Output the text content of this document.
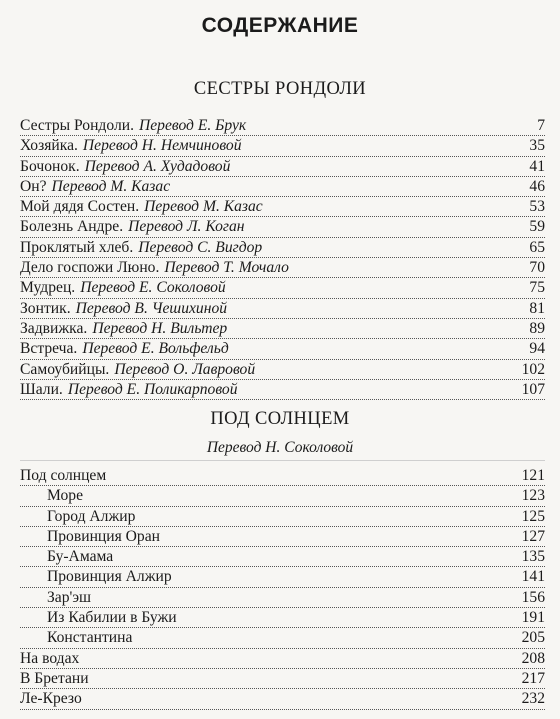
СОДЕРЖАНИЕ
СЕСТРЫ РОНДОЛИ
Сестры Рондоли. Перевод Е. Брук	7
Хозяйка. Перевод Н. Немчиновой	35
Бочонок. Перевод А. Худадовой	41
Он? Перевод М. Казас	46
Мой дядя Состен. Перевод М. Казас	53
Болезнь Андре. Перевод Л. Коган	59
Проклятый хлеб. Перевод С. Вигдор	65
Дело госпожи Люно. Перевод Т. Мочало	70
Мудрец. Перевод Е. Соколовой	75
Зонтик. Перевод В. Чешихиной	81
Задвижка. Перевод Н. Вильтер	89
Встреча. Перевод Е. Вольфельд	94
Самоубийцы. Перевод О. Лавровой	102
Шали. Перевод Е. Поликарповой	107
ПОД СОЛНЦЕМ
Перевод Н. Соколовой
Под солнцем	121
Море	123
Город Алжир	125
Провинция Оран	127
Бу-Амама	135
Провинция Алжир	141
Зар'эш	156
Из Кабилии в Бужи	191
Константина	205
На водах	208
В Бретани	217
Ле-Крезо	232
